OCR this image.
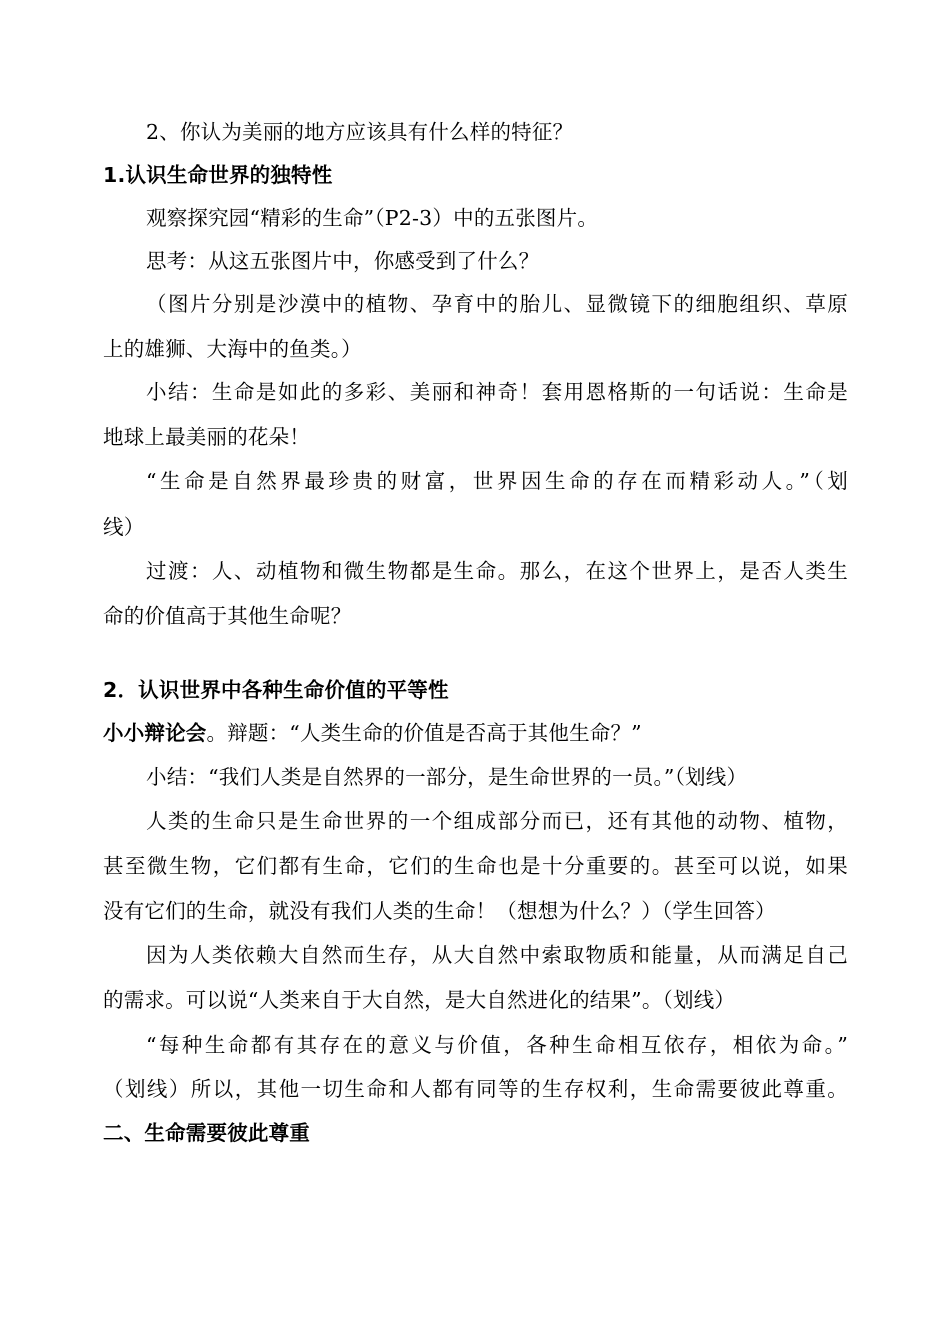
2、你认为美丽的地方应该具有什么样的特征？
1.认识生命世界的独特性
观察探究园“精彩的生命”（P2-3）中的五张图片。
思考：从这五张图片中，你感受到了什么？
（图片分别是沙漠中的植物、孕育中的胎儿、显微镜下的细胞组织、草原
上的雄狮、大海中的鱼类。）
小结：生命是如此的多彩、美丽和神奇！套用恩格斯的一句话说：生命是
地球上最美丽的花朵！
“生命是自然界最珍贵的财富，世界因生命的存在而精彩动人。”（划
线）
过渡：人、动植物和微生物都是生命。那么，在这个世界上，是否人类生
命的价值高于其他生命呢？
2．认识世界中各种生命价值的平等性
小小辩论会。辩题：“人类生命的价值是否高于其他生命？”
小结：“我们人类是自然界的一部分，是生命世界的一员。”（划线）
人类的生命只是生命世界的一个组成部分而已，还有其他的动物、植物，
甚至微生物，它们都有生命，它们的生命也是十分重要的。甚至可以说，如果
没有它们的生命，就没有我们人类的生命！（想想为什么？）（学生回答）
因为人类依赖大自然而生存，从大自然中索取物质和能量，从而满足自己
的需求。可以说“人类来自于大自然，是大自然进化的结果”。（划线）
“每种生命都有其存在的意义与价值，各种生命相互依存，相依为命。”
（划线）所以，其他一切生命和人都有同等的生存权利，生命需要彼此尊重。
二、生命需要彼此尊重
